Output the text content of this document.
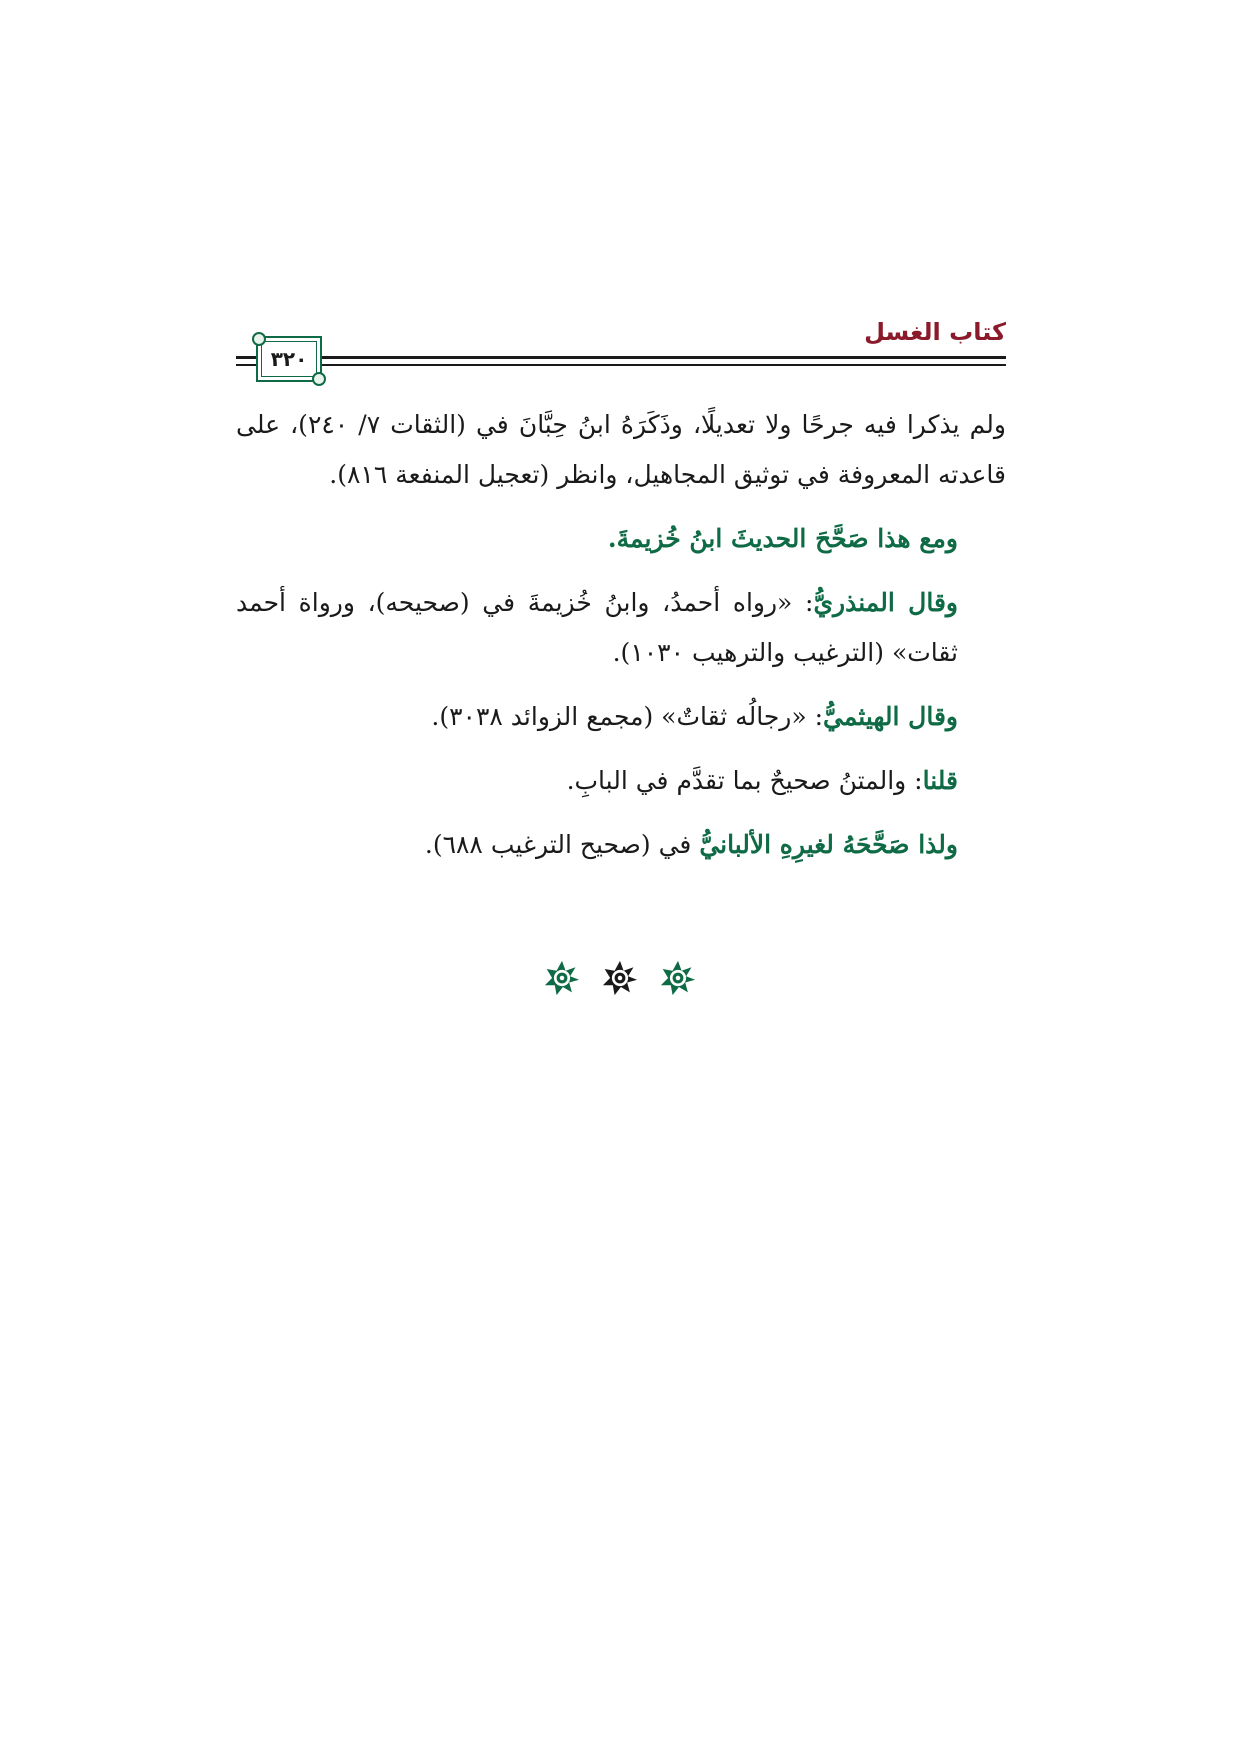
كتاب الغسل
٣٢٠

ولم يذكرا فيه جرحًا ولا تعديلًا، وذَكَرَهُ ابنُ حِبَّانَ في (الثقات ٧/ ٢٤٠)، على قاعدته المعروفة في توثيق المجاهيل، وانظر (تعجيل المنفعة ٨١٦).

ومع هذا صَحَّحَ الحديثَ ابنُ خُزيمةَ.

وقال المنذريُّ: «رواه أحمدُ، وابنُ خُزيمةَ في (صحيحه)، ورواة أحمد ثقات» (الترغيب والترهيب ١٠٣٠).

وقال الهيثميُّ: «رجالُه ثقاتٌ» (مجمع الزوائد ٣٠٣٨).

قلنا: والمتنُ صحيحٌ بما تقدَّم في البابِ.

ولذا صَحَّحَهُ لغيرِهِ الألبانيُّ في (صحيح الترغيب ٦٨٨).
